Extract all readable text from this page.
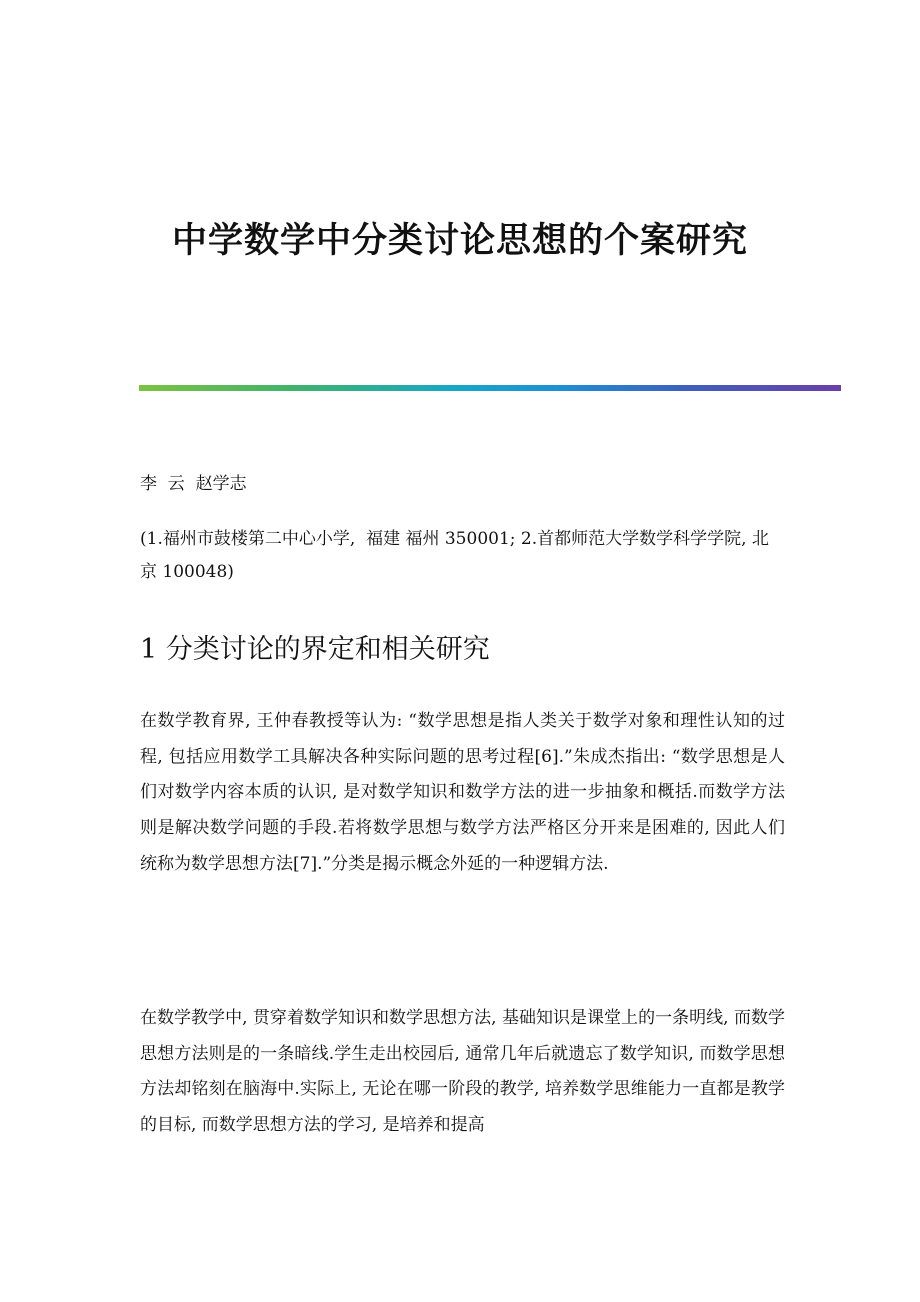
中学数学中分类讨论思想的个案研究
李  云  赵学志
(1.福州市鼓楼第二中心小学,  福建 福州 350001; 2.首都师范大学数学科学学院, 北京 100048)
1 分类讨论的界定和相关研究

在数学教育界, 王仲春教授等认为: “数学思想是指人类关于数学对象和理性认知的过程, 包括应用数学工具解决各种实际问题的思考过程[6].”朱成杰指出: “数学思想是人们对数学内容本质的认识, 是对数学知识和数学方法的进一步抽象和概括.而数学方法则是解决数学问题的手段.若将数学思想与数学方法严格区分开来是困难的, 因此人们统称为数学思想方法[7].”分类是揭示概念外延的一种逻辑方法.

在数学教学中, 贯穿着数学知识和数学思想方法, 基础知识是课堂上的一条明线, 而数学思想方法则是的一条暗线.学生走出校园后, 通常几年后就遗忘了数学知识, 而数学思想方法却铭刻在脑海中.实际上, 无论在哪一阶段的教学, 培养数学思维能力一直都是教学的目标, 而数学思想方法的学习, 是培养和提高
